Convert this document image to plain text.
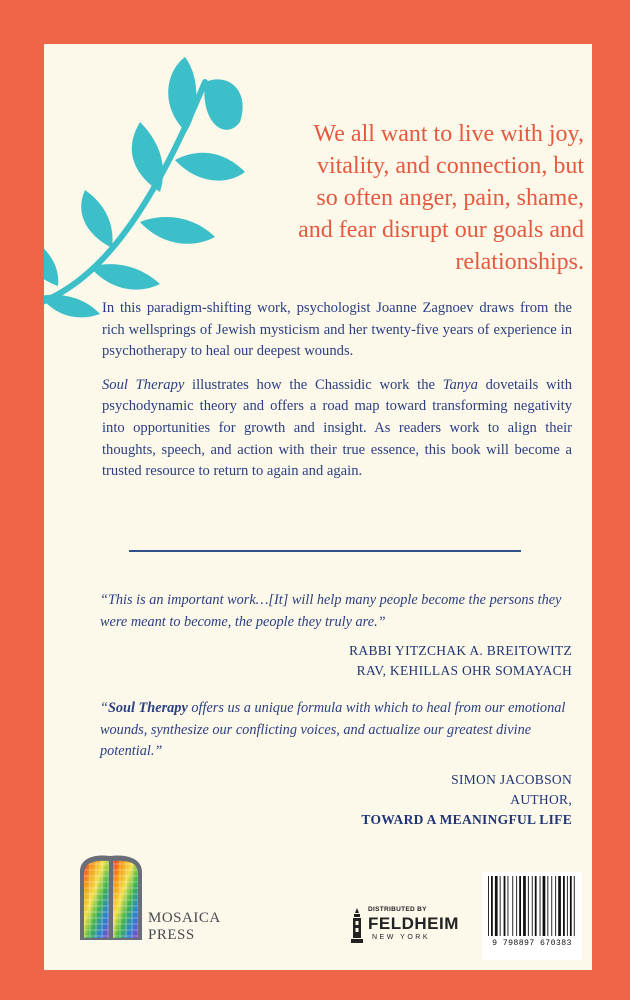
We all want to live with joy,
vitality, and connection, but
so often anger, pain, shame,
and fear disrupt our goals and
relationships.

In this paradigm-shifting work, psychologist Joanne Zagnoev draws from the rich wellsprings of Jewish mysticism and her twenty-five years of experience in psychotherapy to heal our deepest wounds.

Soul Therapy illustrates how the Chassidic work the Tanya dovetails with psychodynamic theory and offers a road map toward transforming negativity into opportunities for growth and insight. As readers work to align their thoughts, speech, and action with their true essence, this book will become a trusted resource to return to again and again.

“This is an important work…[It] will help many people become the persons they were meant to become, the people they truly are.”
RABBI YITZCHAK A. BREITOWITZ
RAV, KEHILLAS OHR SOMAYACH
“Soul Therapy offers us a unique formula with which to heal from our emotional wounds, synthesize our conflicting voices, and actualize our greatest divine potential.”
SIMON JACOBSON
AUTHOR,
TOWARD A MEANINGFUL LIFE
MOSAICA
PRESS
DISTRIBUTED BY
FELDHEIM
NEW YORK
9 798897 670383
